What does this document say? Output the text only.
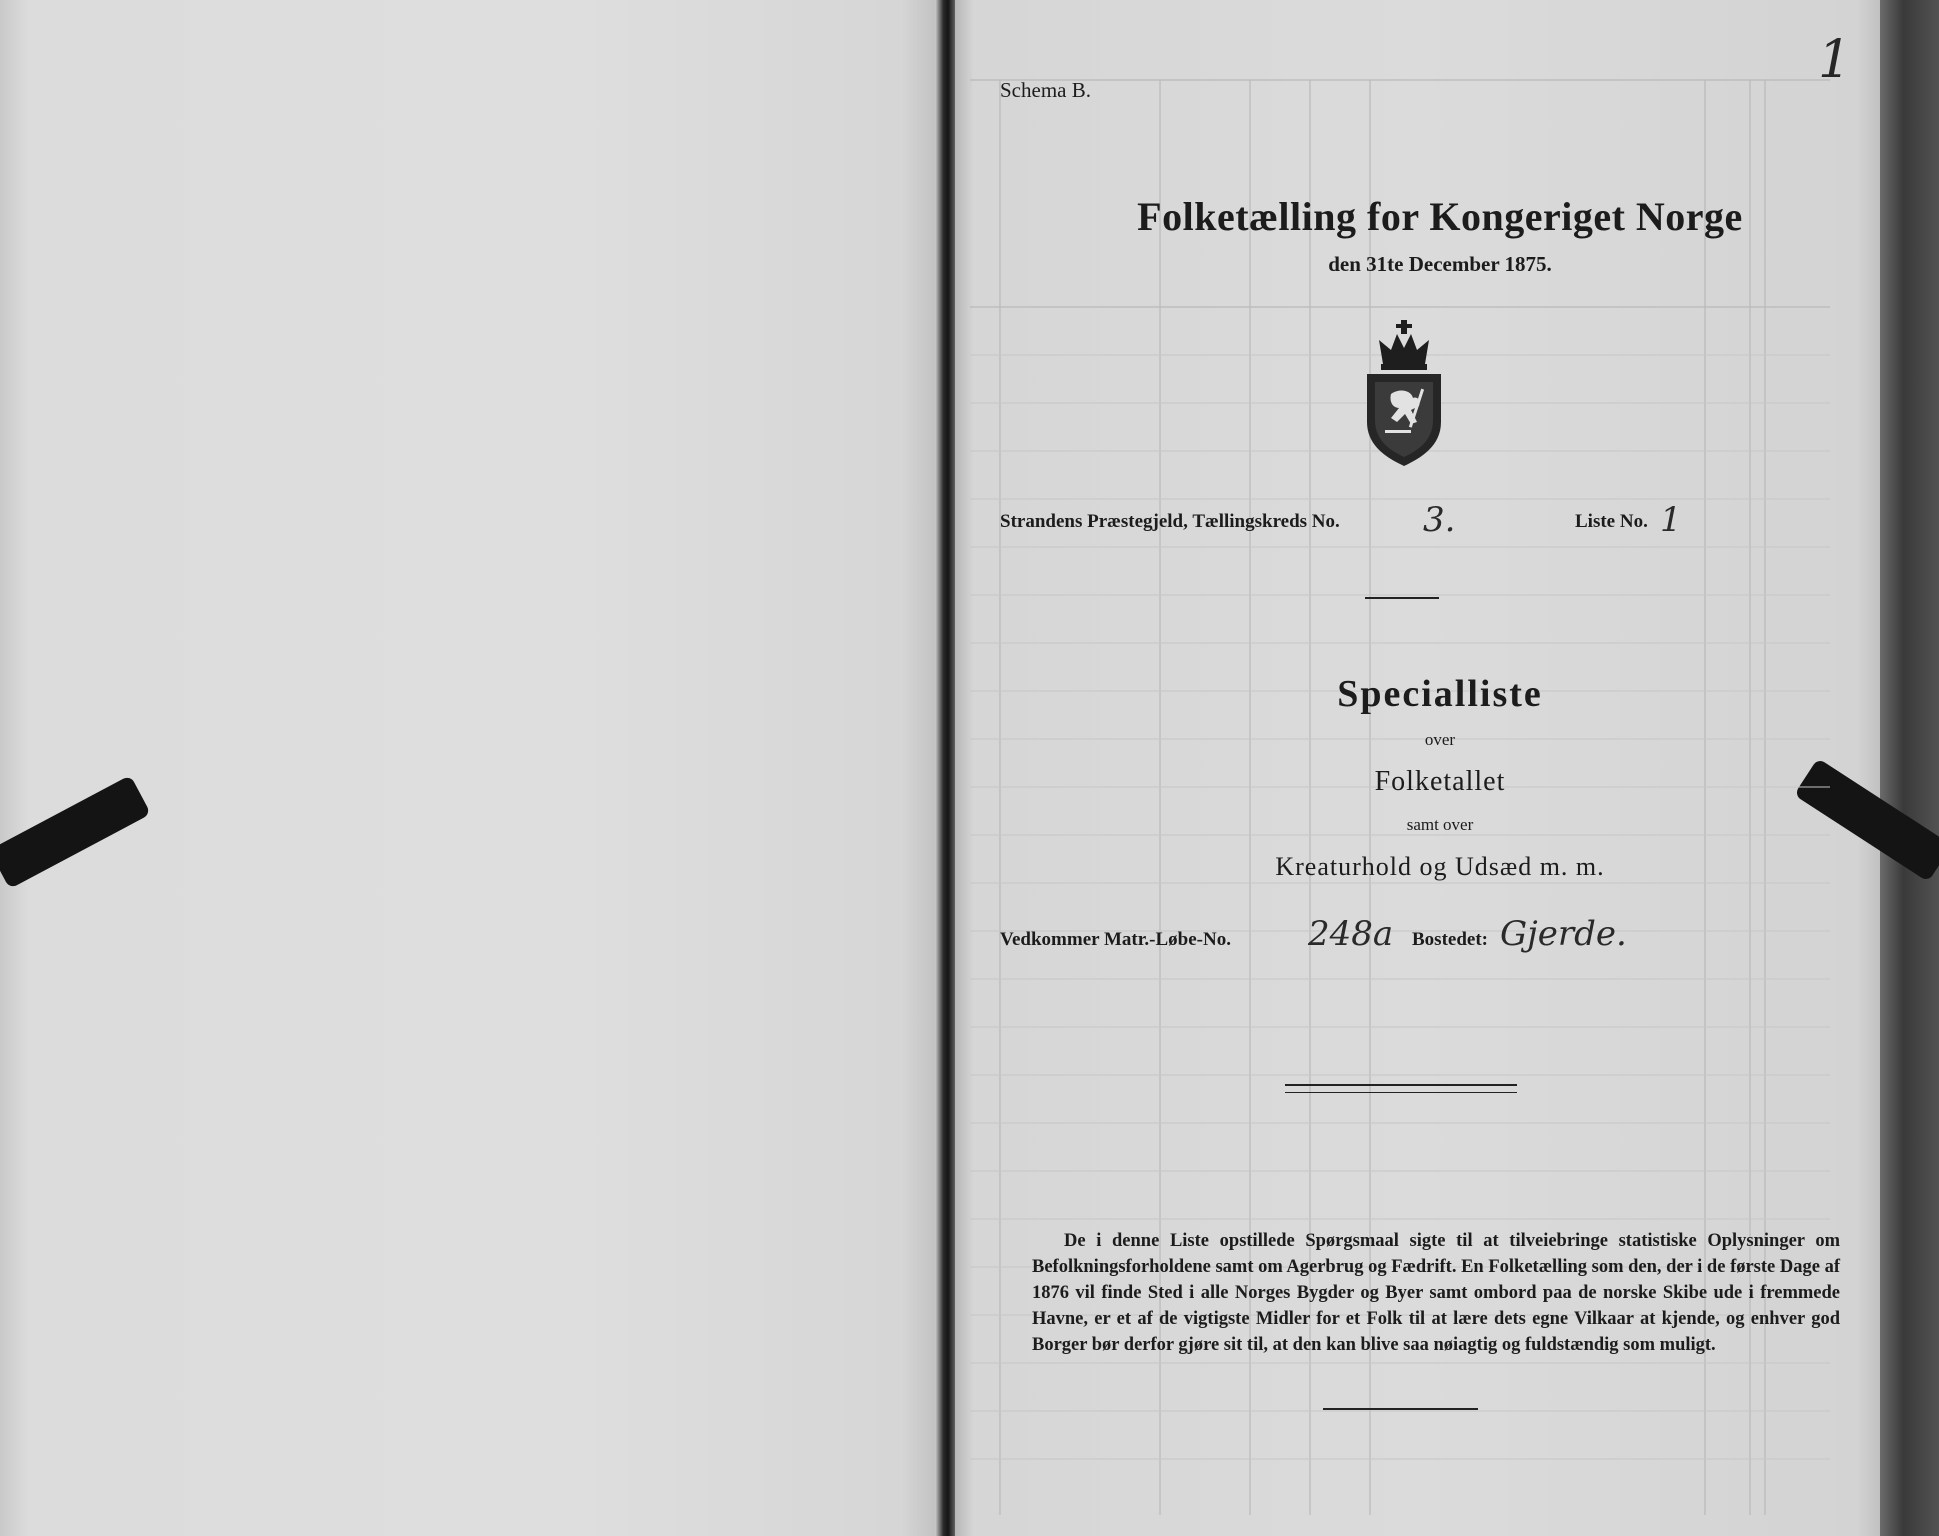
Schema B.	1
Folketælling for Kongeriget Norge
den 31te December 1875.
Strandens Præstegjeld, Tællingskreds No. 3.	Liste No. 1
Specialliste
over
Folketallet
samt over
Kreaturhold og Udsæd m. m.
Vedkommer Matr.-Løbe-No. 248a Bostedet: Gjerde.
De i denne Liste opstillede Spørgsmaal sigte til at tilveiebringe statistiske Oplysninger om Befolkningsforholdene samt om Agerbrug og Fædrift. En Folketælling som den, der i de første Dage af 1876 vil finde Sted i alle Norges Bygder og Byer samt ombord paa de norske Skibe ude i fremmede Havne, er et af de vigtigste Midler for et Folk til at lære dets egne Vilkaar at kjende, og enhver god Borger bør derfor gjøre sit til, at den kan blive saa nøiagtig og fuldstændig som muligt.
